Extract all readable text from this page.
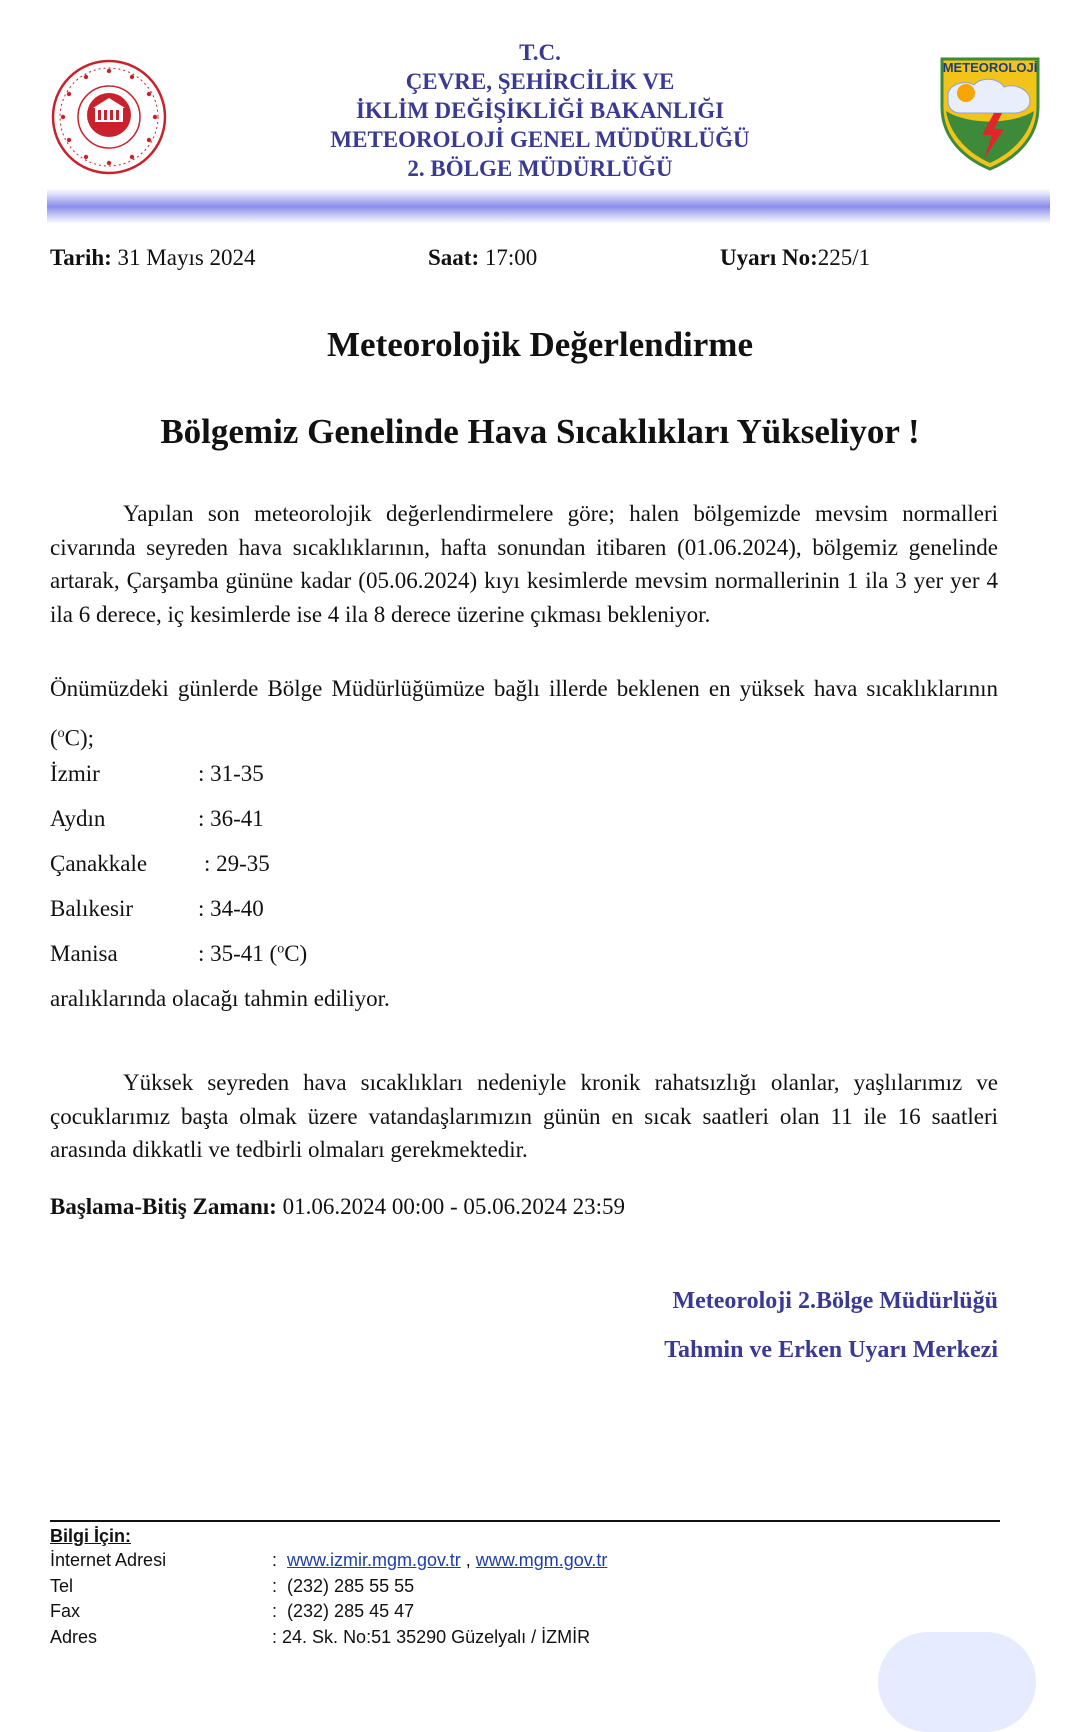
T.C.
ÇEVRE, ŞEHİRCİLİK VE
İKLİM DEĞİŞİKLİĞİ BAKANLIĞI
METEOROLOJİ GENEL MÜDÜRLÜĞÜ
2. BÖLGE MÜDÜRLÜĞÜ
METEOROLOJİ
Tarih: 31 Mayıs 2024	Saat: 17:00	Uyarı No:225/1
Meteorolojik Değerlendirme
Bölgemiz Genelinde Hava Sıcaklıkları Yükseliyor !
Yapılan son meteorolojik değerlendirmelere göre; halen bölgemizde mevsim normalleri civarında seyreden hava sıcaklıklarının, hafta sonundan itibaren (01.06.2024), bölgemiz genelinde artarak, Çarşamba gününe kadar (05.06.2024) kıyı kesimlerde mevsim normallerinin 1 ila 3 yer yer 4 ila 6 derece, iç kesimlerde ise 4 ila 8 derece üzerine çıkması bekleniyor.
Önümüzdeki günlerde Bölge Müdürlüğümüze bağlı illerde beklenen en yüksek hava sıcaklıklarının ($^o$C);
İzmir	: 31-35
Aydın	: 36-41
Çanakkale : 29-35
Balıkesir	: 34-40
Manisa	: 35-41 ($^o$C)
aralıklarında olacağı tahmin ediliyor.
Yüksek seyreden hava sıcaklıkları nedeniyle kronik rahatsızlığı olanlar, yaşlılarımız ve çocuklarımız başta olmak üzere vatandaşlarımızın günün en sıcak saatleri olan 11 ile 16 saatleri arasında dikkatli ve tedbirli olmaları gerekmektedir.
Başlama-Bitiş Zamanı: 01.06.2024 00:00 - 05.06.2024 23:59
Meteoroloji 2.Bölge Müdürlüğü
Tahmin ve Erken Uyarı Merkezi
Bilgi İçin:
İnternet Adresi	: www.izmir.mgm.gov.tr , www.mgm.gov.tr
Tel	: (232) 285 55 55
Fax	: (232) 285 45 47
Adres	: 24. Sk. No:51 35290 Güzelyalı / İZMİR
